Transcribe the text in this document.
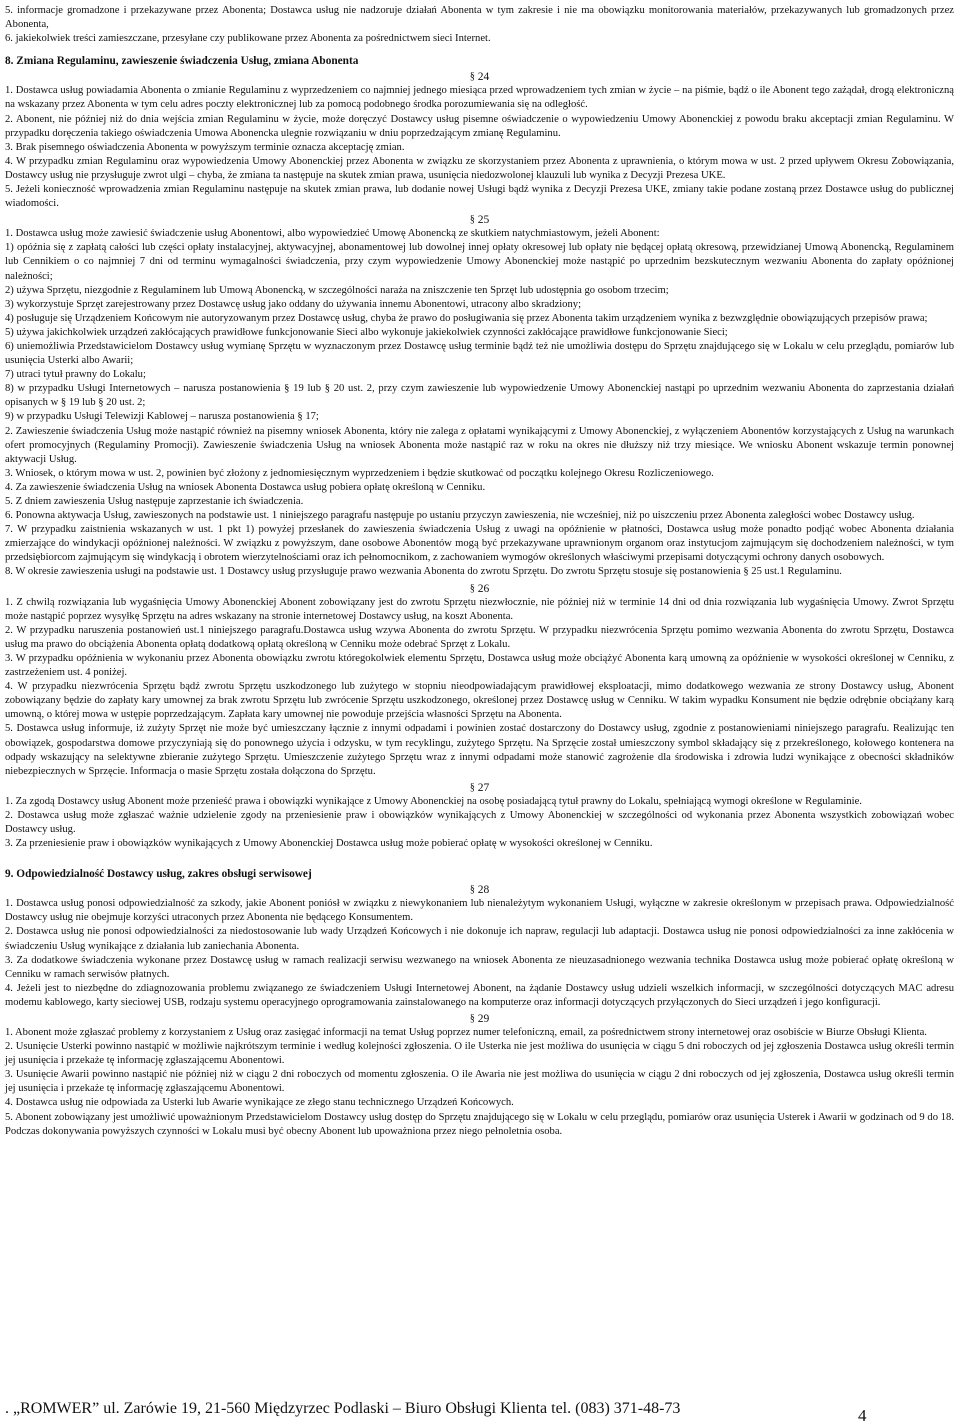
5. informacje gromadzone i przekazywane przez Abonenta; Dostawca usług nie nadzoruje działań Abonenta w tym zakresie i nie ma obowiązku monitorowania materiałów, przekazywanych lub gromadzonych przez Abonenta,

6. jakiekolwiek treści zamieszczane, przesyłane czy publikowane przez Abonenta za pośrednictwem sieci Internet.

8. Zmiana Regulaminu, zawieszenie świadczenia Usług, zmiana Abonenta
§ 24

1. Dostawca usług powiadamia Abonenta o zmianie Regulaminu z wyprzedzeniem co najmniej jednego miesiąca przed wprowadzeniem tych zmian w życie – na piśmie, bądź o ile Abonent tego zażądał, drogą elektroniczną na wskazany przez Abonenta w tym celu adres poczty elektronicznej lub za pomocą podobnego środka porozumiewania się na odległość.

2. Abonent, nie później niż do dnia wejścia zmian Regulaminu w życie, może doręczyć Dostawcy usług pisemne oświadczenie o wypowiedzeniu Umowy Abonenckiej z powodu braku akceptacji zmian Regulaminu. W przypadku doręczenia takiego oświadczenia Umowa Abonencka ulegnie rozwiązaniu w dniu poprzedzającym zmianę Regulaminu.

3. Brak pisemnego oświadczenia Abonenta w powyższym terminie oznacza akceptację zmian.

4. W przypadku zmian Regulaminu oraz wypowiedzenia Umowy Abonenckiej przez Abonenta w związku ze skorzystaniem przez Abonenta z uprawnienia, o którym mowa w ust. 2 przed upływem Okresu Zobowiązania, Dostawcy usług nie przysługuje zwrot ulgi – chyba, że zmiana ta następuje na skutek zmian prawa, usunięcia niedozwolonej klauzuli lub wynika z Decyzji Prezesa UKE.

5. Jeżeli konieczność wprowadzenia zmian Regulaminu następuje na skutek zmian prawa, lub dodanie nowej Usługi bądź wynika z Decyzji Prezesa UKE, zmiany takie podane zostaną przez Dostawce usług do publicznej wiadomości.

§ 25

1. Dostawca usług może zawiesić świadczenie usług Abonentowi, albo wypowiedzieć Umowę Abonencką ze skutkiem natychmiastowym, jeżeli Abonent:

1) opóźnia się z zapłatą całości lub części opłaty instalacyjnej, aktywacyjnej, abonamentowej lub dowolnej innej opłaty okresowej lub opłaty nie będącej opłatą okresową, przewidzianej Umową Abonencką, Regulaminem lub Cennikiem o co najmniej 7 dni od terminu wymagalności świadczenia, przy czym wypowiedzenie Umowy Abonenckiej może nastąpić po uprzednim bezskutecznym wezwaniu Abonenta do zapłaty opóźnionej należności;

2) używa Sprzętu, niezgodnie z Regulaminem lub Umową Abonencką, w szczególności naraża na zniszczenie ten Sprzęt lub udostępnia go osobom trzecim;

3) wykorzystuje Sprzęt zarejestrowany przez Dostawcę usług jako oddany do używania innemu Abonentowi, utracony albo skradziony;

4) posługuje się Urządzeniem Końcowym nie autoryzowanym przez Dostawcę usług, chyba że prawo do posługiwania się przez Abonenta takim urządzeniem wynika z bezwzględnie obowiązujących przepisów prawa;

5) używa jakichkolwiek urządzeń zakłócających prawidłowe funkcjonowanie Sieci albo wykonuje jakiekolwiek czynności zakłócające prawidłowe funkcjonowanie Sieci;

6) uniemożliwia Przedstawicielom Dostawcy usług wymianę Sprzętu w wyznaczonym przez Dostawcę usług terminie bądź też nie umożliwia dostępu do Sprzętu znajdującego się w Lokalu w celu przeglądu, pomiarów lub usunięcia Usterki albo Awarii;

7) utraci tytuł prawny do Lokalu;

8) w przypadku Usługi Internetowych – narusza postanowienia § 19 lub § 20 ust. 2, przy czym zawieszenie lub wypowiedzenie Umowy Abonenckiej nastąpi po uprzednim wezwaniu Abonenta do zaprzestania działań opisanych w § 19 lub § 20 ust. 2;

9) w przypadku Usługi Telewizji Kablowej – narusza postanowienia § 17;

2. Zawieszenie świadczenia Usług może nastąpić również na pisemny wniosek Abonenta, który nie zalega z opłatami wynikającymi z Umowy Abonenckiej, z wyłączeniem Abonentów korzystających z Usług na warunkach ofert promocyjnych (Regulaminy Promocji). Zawieszenie świadczenia Usług na wniosek Abonenta może nastąpić raz w roku na okres nie dłuższy niż trzy miesiące. We wniosku Abonent wskazuje termin ponownej aktywacji Usług.

3. Wniosek, o którym mowa w ust. 2, powinien być złożony z jednomiesięcznym wyprzedzeniem i będzie skutkować od początku kolejnego Okresu Rozliczeniowego.

4. Za zawieszenie świadczenia Usług na wniosek Abonenta Dostawca usług pobiera opłatę określoną w Cenniku.

5. Z dniem zawieszenia Usług następuje zaprzestanie ich świadczenia.

6. Ponowna aktywacja Usług, zawieszonych na podstawie ust. 1 niniejszego paragrafu następuje po ustaniu przyczyn zawieszenia, nie wcześniej, niż po uiszczeniu przez Abonenta zaległości wobec Dostawcy usług.

7. W przypadku zaistnienia wskazanych w ust. 1 pkt 1) powyżej przesłanek do zawieszenia świadczenia Usług z uwagi na opóźnienie w płatności, Dostawca usług może ponadto podjąć wobec Abonenta działania zmierzające do windykacji opóźnionej należności. W związku z powyższym, dane osobowe Abonentów mogą być przekazywane uprawnionym organom oraz instytucjom zajmującym się dochodzeniem należności, w tym przedsiębiorcom zajmującym się windykacją i obrotem wierzytelnościami oraz ich pełnomocnikom, z zachowaniem wymogów określonych właściwymi przepisami dotyczącymi ochrony danych osobowych.

8. W okresie zawieszenia usługi na podstawie ust. 1 Dostawcy usług przysługuje prawo wezwania Abonenta do zwrotu Sprzętu. Do zwrotu Sprzętu stosuje się postanowienia § 25 ust.1 Regulaminu.

§ 26

1. Z chwilą rozwiązania lub wygaśnięcia Umowy Abonenckiej Abonent zobowiązany jest do zwrotu Sprzętu niezwłocznie, nie później niż w terminie 14 dni od dnia rozwiązania lub wygaśnięcia Umowy. Zwrot Sprzętu może nastąpić poprzez wysyłkę Sprzętu na adres wskazany na stronie internetowej Dostawcy usług, na koszt Abonenta.

2. W przypadku naruszenia postanowień ust.1 niniejszego paragrafu.Dostawca usług wzywa Abonenta do zwrotu Sprzętu. W przypadku niezwrócenia Sprzętu pomimo wezwania Abonenta do zwrotu Sprzętu, Dostawca usług ma prawo do obciążenia Abonenta opłatą dodatkową opłatą określoną w Cenniku może odebrać Sprzęt z Lokalu.

3. W przypadku opóźnienia w wykonaniu przez Abonenta obowiązku zwrotu któregokolwiek elementu Sprzętu, Dostawca usług może obciążyć Abonenta karą umowną za opóźnienie w wysokości określonej w Cenniku, z zastrzeżeniem ust. 4 poniżej.

4. W przypadku niezwrócenia Sprzętu bądź zwrotu Sprzętu uszkodzonego lub zużytego w stopniu nieodpowiadającym prawidłowej eksploatacji, mimo dodatkowego wezwania ze strony Dostawcy usług, Abonent zobowiązany będzie do zapłaty kary umownej za brak zwrotu Sprzętu lub zwrócenie Sprzętu uszkodzonego, określonej przez Dostawcę usług w Cenniku. W takim wypadku Konsument nie będzie odrębnie obciążany karą umowną, o której mowa w ustępie poprzedzającym. Zapłata kary umownej nie powoduje przejścia własności Sprzętu na Abonenta.

5. Dostawca usług informuje, iż zużyty Sprzęt nie może być umieszczany łącznie z innymi odpadami i powinien zostać dostarczony do Dostawcy usług, zgodnie z postanowieniami niniejszego paragrafu. Realizując ten obowiązek, gospodarstwa domowe przyczyniają się do ponownego użycia i odzysku, w tym recyklingu, zużytego Sprzętu. Na Sprzęcie został umieszczony symbol składający się z przekreślonego, kołowego kontenera na odpady wskazujący na selektywne zbieranie zużytego Sprzętu. Umieszczenie zużytego Sprzętu wraz z innymi odpadami może stanowić zagrożenie dla środowiska i zdrowia ludzi wynikające z obecności składników niebezpiecznych w Sprzęcie. Informacja o masie Sprzętu została dołączona do Sprzętu.

§ 27

1. Za zgodą Dostawcy usług Abonent może przenieść prawa i obowiązki wynikające z Umowy Abonenckiej na osobę posiadającą tytuł prawny do Lokalu, spełniającą wymogi określone w Regulaminie.

2. Dostawca usług może zgłaszać ważnie udzielenie zgody na przeniesienie praw i obowiązków wynikających z Umowy Abonenckiej w szczególności od wykonania przez Abonenta wszystkich zobowiązań wobec Dostawcy usług.

3. Za przeniesienie praw i obowiązków wynikających z Umowy Abonenckiej Dostawca usług może pobierać opłatę w wysokości określonej w Cenniku.

9. Odpowiedzialność Dostawcy usług, zakres obsługi serwisowej
§ 28

1. Dostawca usług ponosi odpowiedzialność za szkody, jakie Abonent poniósł w związku z niewykonaniem lub nienależytym wykonaniem Usługi, wyłączne w zakresie określonym w przepisach prawa. Odpowiedzialność Dostawcy usług nie obejmuje korzyści utraconych przez Abonenta nie będącego Konsumentem.

2. Dostawca usług nie ponosi odpowiedzialności za niedostosowanie lub wady Urządzeń Końcowych i nie dokonuje ich napraw, regulacji lub adaptacji. Dostawca usług nie ponosi odpowiedzialności za inne zakłócenia w świadczeniu Usług wynikające z działania lub zaniechania Abonenta.

3. Za dodatkowe świadczenia wykonane przez Dostawcę usług w ramach realizacji serwisu wezwanego na wniosek Abonenta ze nieuzasadnionego wezwania technika Dostawca usług może pobierać opłatę określoną w Cenniku w ramach serwisów płatnych.

4. Jeżeli jest to niezbędne do zdiagnozowania problemu związanego ze świadczeniem Usługi Internetowej Abonent, na żądanie Dostawcy usług udzieli wszelkich informacji, w szczególności dotyczących MAC adresu modemu kablowego, karty sieciowej USB, rodzaju systemu operacyjnego oprogramowania zainstalowanego na komputerze oraz informacji dotyczących przyłączonych do Sieci urządzeń i jego konfiguracji.

§ 29

1. Abonent może zgłaszać problemy z korzystaniem z Usług oraz zasięgać informacji na temat Usług poprzez numer telefoniczną, email, za pośrednictwem strony internetowej oraz osobiście w Biurze Obsługi Klienta.

2. Usunięcie Usterki powinno nastąpić w możliwie najkrótszym terminie i według kolejności zgłoszenia. O ile Usterka nie jest możliwa do usunięcia w ciągu 5 dni roboczych od jej zgłoszenia Dostawca usług określi termin jej usunięcia i przekaże tę informację zgłaszającemu Abonentowi.

3. Usunięcie Awarii powinno nastąpić nie później niż w ciągu 2 dni roboczych od momentu zgłoszenia. O ile Awaria nie jest możliwa do usunięcia w ciągu 2 dni roboczych od jej zgłoszenia, Dostawca usług określi termin jej usunięcia i przekaże tę informację zgłaszającemu Abonentowi.

4. Dostawca usług nie odpowiada za Usterki lub Awarie wynikające ze złego stanu technicznego Urządzeń Końcowych.

5. Abonent zobowiązany jest umożliwić upoważnionym Przedstawicielom Dostawcy usług dostęp do Sprzętu znajdującego się w Lokalu w celu przeglądu, pomiarów oraz usunięcia Usterek i Awarii w godzinach od 9 do 18. Podczas dokonywania powyższych czynności w Lokalu musi być obecny Abonent lub upoważniona przez niego pełnoletnia osoba.

. „ROMWER” ul. Zarówie 19, 21-560 Międzyrzec Podlaski – Biuro Obsługi Klienta tel. (083) 371-48-73	4
